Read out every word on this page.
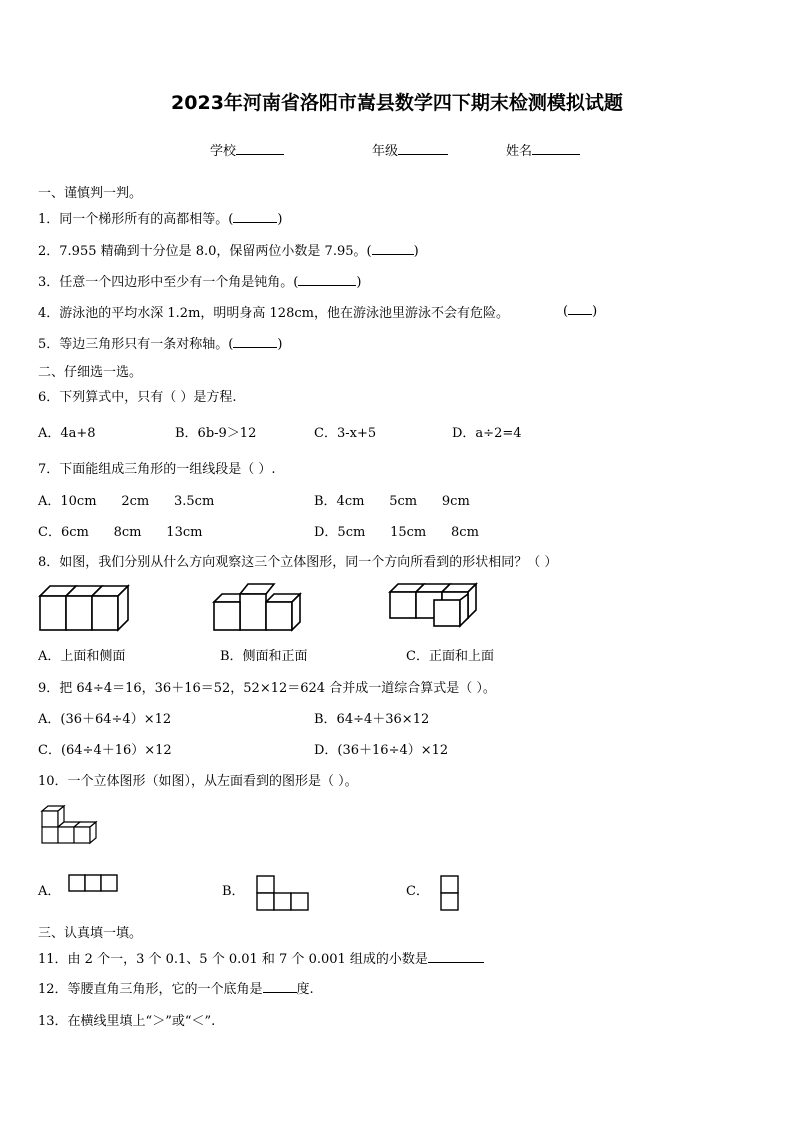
2023年河南省洛阳市嵩县数学四下期末检测模拟试题
学校	年级	姓名
一、谨慎判一判。
1．同一个梯形所有的高都相等。(	)
2．7.955 精确到十分位是 8.0，保留两位小数是 7.95。(	)
3．任意一个四边形中至少有一个角是钝角。(	)
4．游泳池的平均水深 1.2m，明明身高 128cm，他在游泳池里游泳不会有危险。	( )
5．等边三角形只有一条对称轴。(	)
二、仔细选一选。
6．下列算式中，只有（ ）是方程.
A．4a+8	B．6b-9＞12	C．3-x+5	D．a÷2=4
7．下面能组成三角形的一组线段是（ ）.
A．10cm      2cm      3.5cm	B．4cm      5cm      9cm
C．6cm      8cm      13cm	D．5cm      15cm      8cm
8．如图，我们分别从什么方向观察这三个立体图形，同一个方向所看到的形状相同？（ ）
A．上面和侧面	B．侧面和正面	C．正面和上面
9．把 64÷4＝16，36＋16＝52，52×12＝624 合并成一道综合算式是（ ）。
A．(36＋64÷4）×12	B．64÷4＋36×12
C．(64÷4＋16）×12	D．(36＋16÷4）×12
10．一个立体图形（如图），从左面看到的图形是（ ）。
A．	B．	C．
三、认真填一填。
11．由 2 个一，3 个 0.1、5 个 0.01 和 7 个 0.001 组成的小数是
12．等腰直角三角形，它的一个底角是	度.
13．在横线里填上“＞”或“＜”.
